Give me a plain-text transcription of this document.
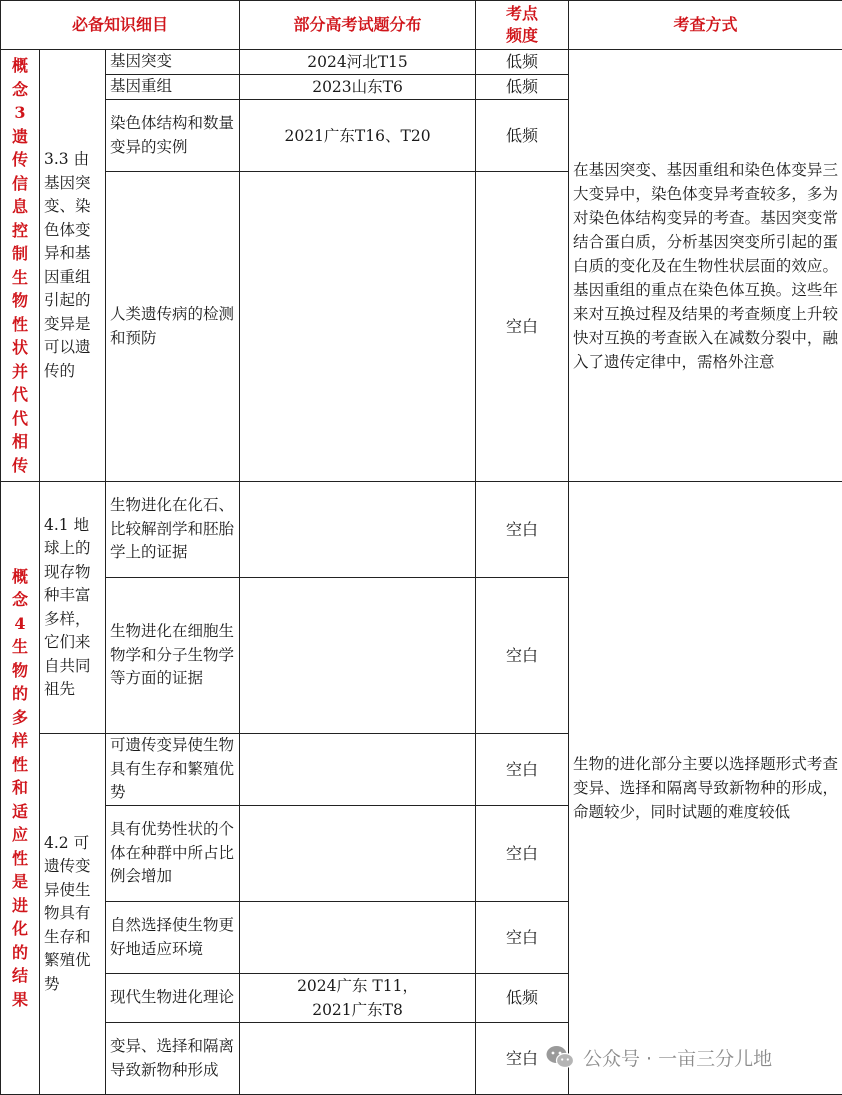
必备知识细目			部分高考试题分布	考点频度	考查方式
概念3遗传信息控制生物性状并代代相传	3.3 由基因突变、染色体变异和基因重组引起的变异是可以遗传的	基因突变	2024河北T15	低频	在基因突变、基因重组和染色体变异三大变异中，染色体变异考查较多，多为对染色体结构变异的考查。基因突变常结合蛋白质，分析基因突变所引起的蛋白质的变化及在生物性状层面的效应。基因重组的重点在染色体互换。这些年来对互换过程及结果的考查频度上升较快对互换的考查嵌入在减数分裂中，融入了遗传定律中，需格外注意
		基因重组	2023山东T6	低频	
		染色体结构和数量变异的实例	2021广东T16、T20	低频	
		人类遗传病的检测和预防		空白	
概念4生物的多样性和适应性是进化的结果	4.1 地球上的现存物种丰富多样，它们来自共同祖先	生物进化在化石、比较解剖学和胚胎学上的证据		空白	生物的进化部分主要以选择题形式考查变异、选择和隔离导致新物种的形成，命题较少，同时试题的难度较低
		生物进化在细胞生物学和分子生物学等方面的证据		空白	
	4.2 可遗传变异使生物具有生存和繁殖优势	可遗传变异使生物具有生存和繁殖优势		空白	
		具有优势性状的个体在种群中所占比例会增加		空白	
		自然选择使生物更好地适应环境		空白	
		现代生物进化理论	2024广东 T11，2021广东T8	低频	
		变异、选择和隔离导致新物种形成		空白	公众号 · 一亩三分儿地
